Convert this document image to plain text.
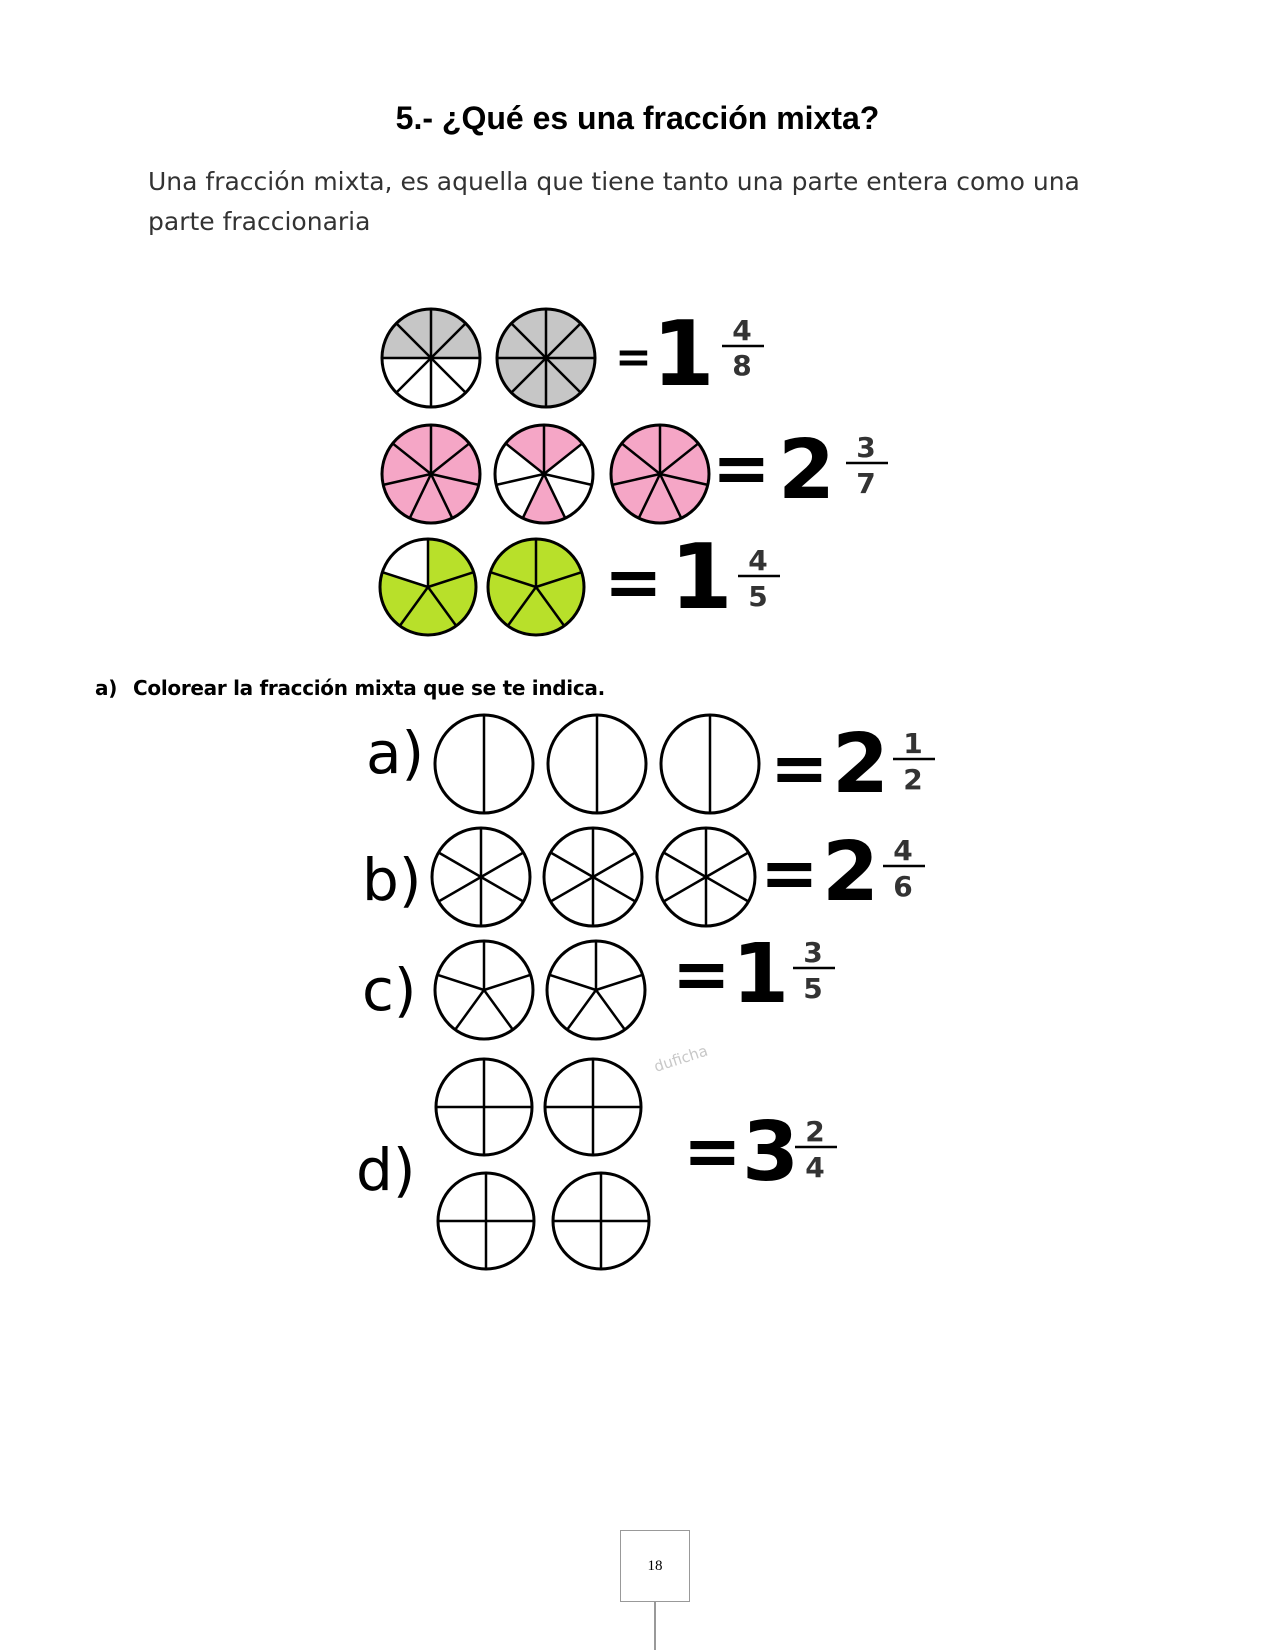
5.- ¿Qué es una fracción mixta?
Una fracción mixta, es aquella que tiene tanto una parte entera como una parte fraccionaria
= 1 4
8
= 2 3
7
= 1 4
5
a)
b)
c)
d)
= 2 1
2
= 2 4
6
= 1 3
5
= 3 2
4
duficha
a) Colorear la fracción mixta que se te indica.
18
